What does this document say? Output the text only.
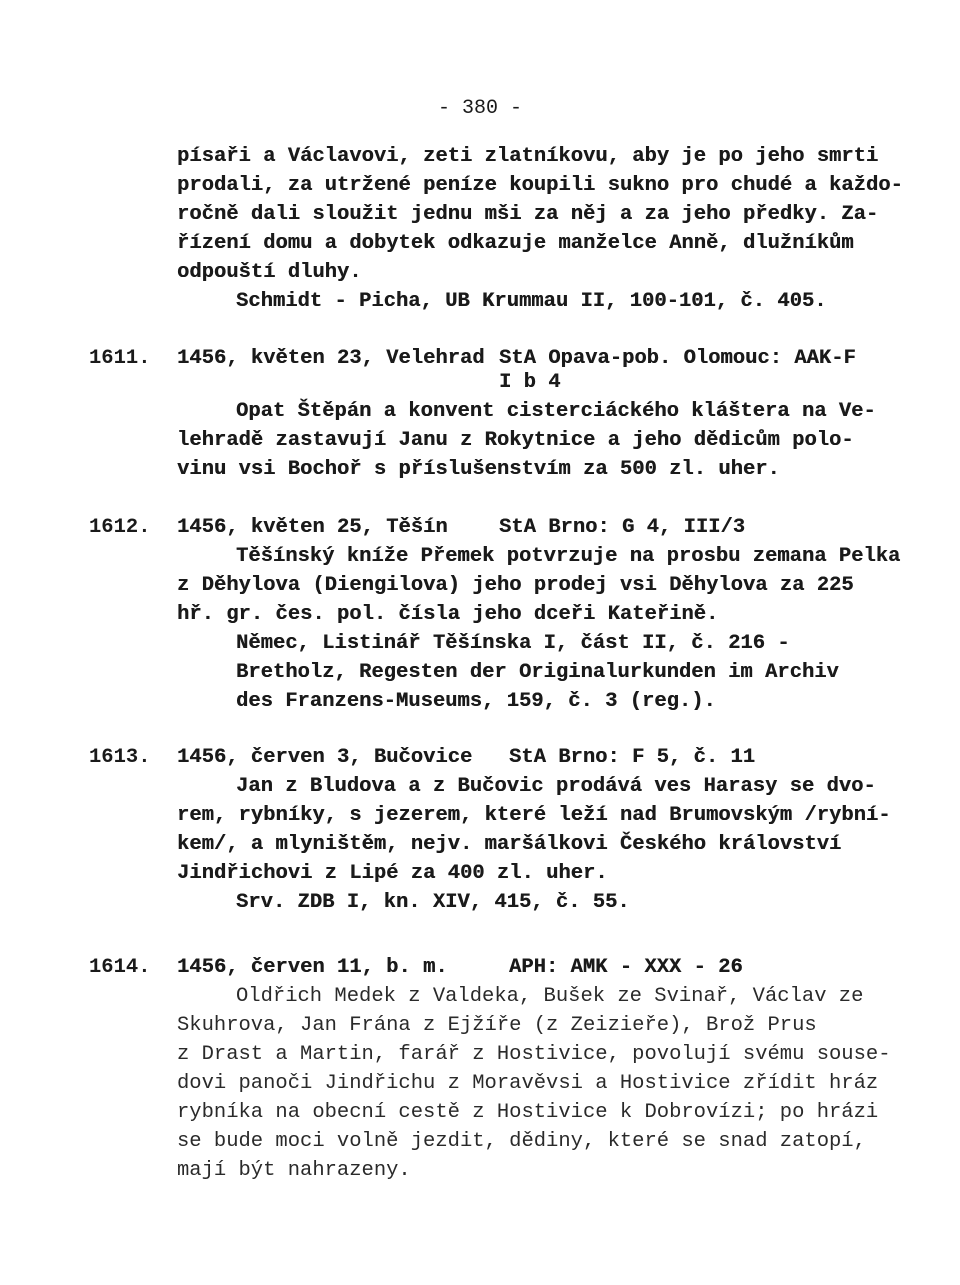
- 380 -
písaři a Václavovi, zeti zlatníkovu, aby je po jeho smrti
prodali, za utržené peníze koupili sukno pro chudé a každo-
ročně dali sloužit jednu mši za něj a za jeho předky. Za-
řízení domu a dobytek odkazuje manželce Anně, dlužníkům
odpouští dluhy.
Schmidt - Picha, UB Krummau II, 100-101, č. 405.
1611. 1456, květen 23, Velehrad StA Opava-pob. Olomouc: AAK-F
I b 4
Opat Štěpán a konvent cisterciáckého kláštera na Ve-
lehradě zastavují Janu z Rokytnice a jeho dědicům polo-
vinu vsi Bochoř s příslušenstvím za 500 zl. uher.
1612. 1456, květen 25, Těšín	StA Brno: G 4, III/3
Těšínský kníže Přemek potvrzuje na prosbu zemana Pelka
z Děhylova (Diengilova) jeho prodej vsi Děhylova za 225
hř. gr. čes. pol. čísla jeho dceři Kateřině.
Němec, Listinář Těšínska I, část II, č. 216 -
Bretholz, Regesten der Originalurkunden im Archiv
des Franzens-Museums, 159, č. 3 (reg.).
1613. 1456, červen 3, Bučovice StA Brno: F 5, č. 11
Jan z Bludova a z Bučovic prodává ves Harasy se dvo-
rem, rybníky, s jezerem, které leží nad Brumovským /rybní-
kem/, a mlyništěm, nejv. maršálkovi Českého království
Jindřichovi z Lipé za 400 zl. uher.
Srv. ZDB I, kn. XIV, 415, č. 55.
1614. 1456, červen 11, b. m.	APH: AMK - XXX - 26
Oldřich Medek z Valdeka, Bušek ze Svinař, Václav ze
Skuhrova, Jan Frána z Ejžíře (z Zeizieře), Brož Prus
z Drast a Martin, farář z Hostivice, povolují svému souse-
dovi panoči Jindřichu z Moravěvsi a Hostivice zřídit hráz
rybníka na obecní cestě z Hostivice k Dobrovízi; po hrázi
se bude moci volně jezdit, dědiny, které se snad zatopí,
mají být nahrazeny.
